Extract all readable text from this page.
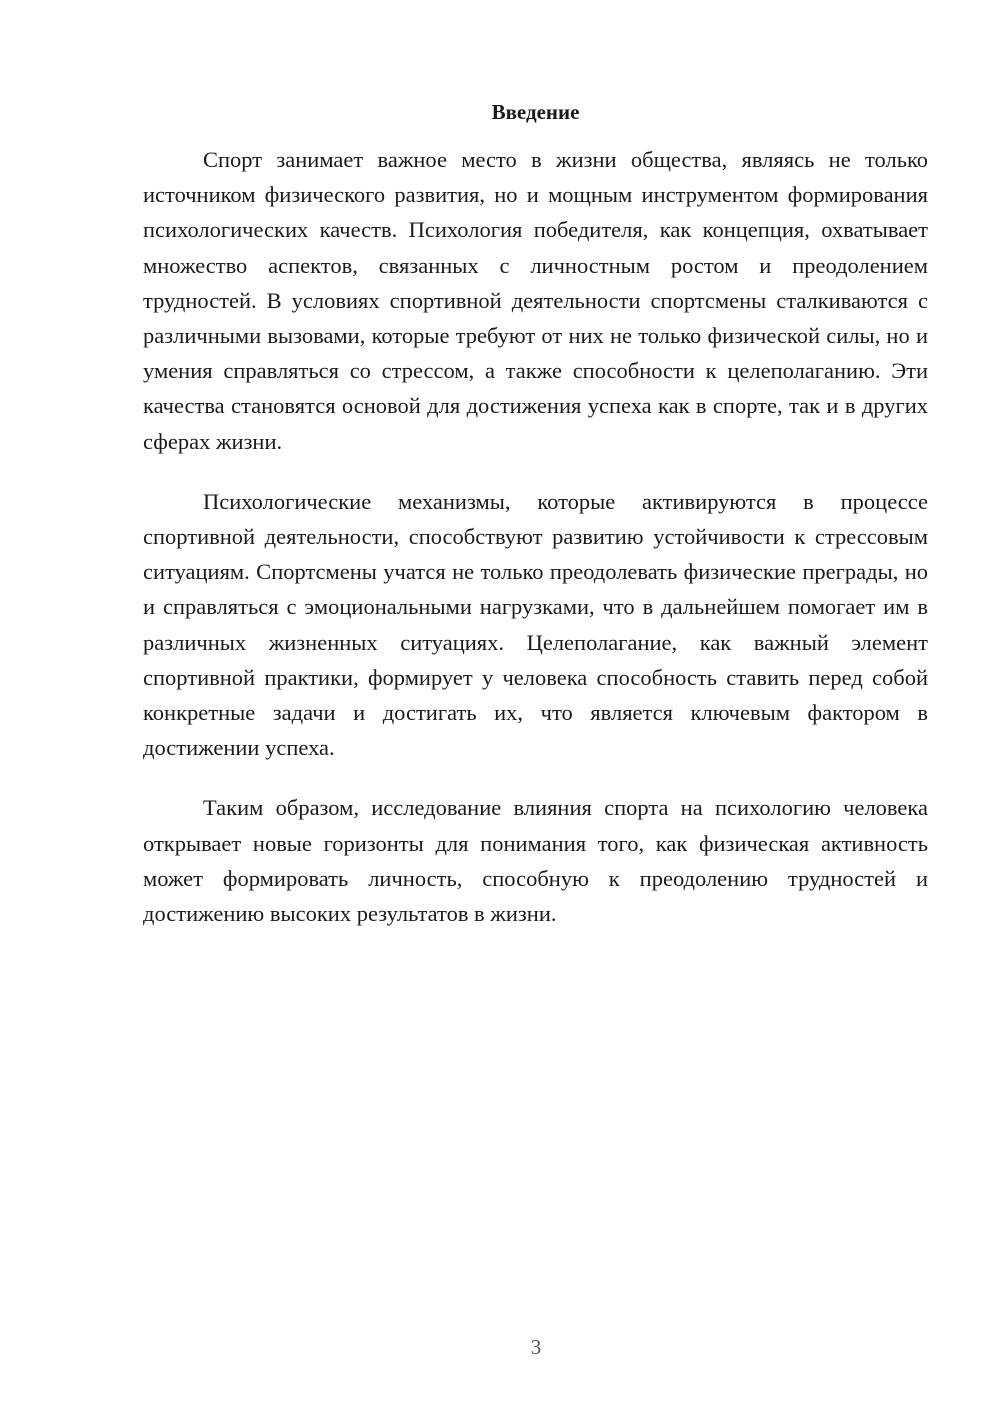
Введение

Спорт занимает важное место в жизни общества, являясь не только источником физического развития, но и мощным инструментом формирования психологических качеств. Психология победителя, как концепция, охватывает множество аспектов, связанных с личностным ростом и преодолением трудностей. В условиях спортивной деятельности спортсмены сталкиваются с различными вызовами, которые требуют от них не только физической силы, но и умения справляться со стрессом, а также способности к целеполаганию. Эти качества становятся основой для достижения успеха как в спорте, так и в других сферах жизни.

Психологические механизмы, которые активируются в процессе спортивной деятельности, способствуют развитию устойчивости к стрессовым ситуациям. Спортсмены учатся не только преодолевать физические преграды, но и справляться с эмоциональными нагрузками, что в дальнейшем помогает им в различных жизненных ситуациях. Целеполагание, как важный элемент спортивной практики, формирует у человека способность ставить перед собой конкретные задачи и достигать их, что является ключевым фактором в достижении успеха.

Таким образом, исследование влияния спорта на психологию человека открывает новые горизонты для понимания того, как физическая активность может формировать личность, способную к преодолению трудностей и достижению высоких результатов в жизни.

3
